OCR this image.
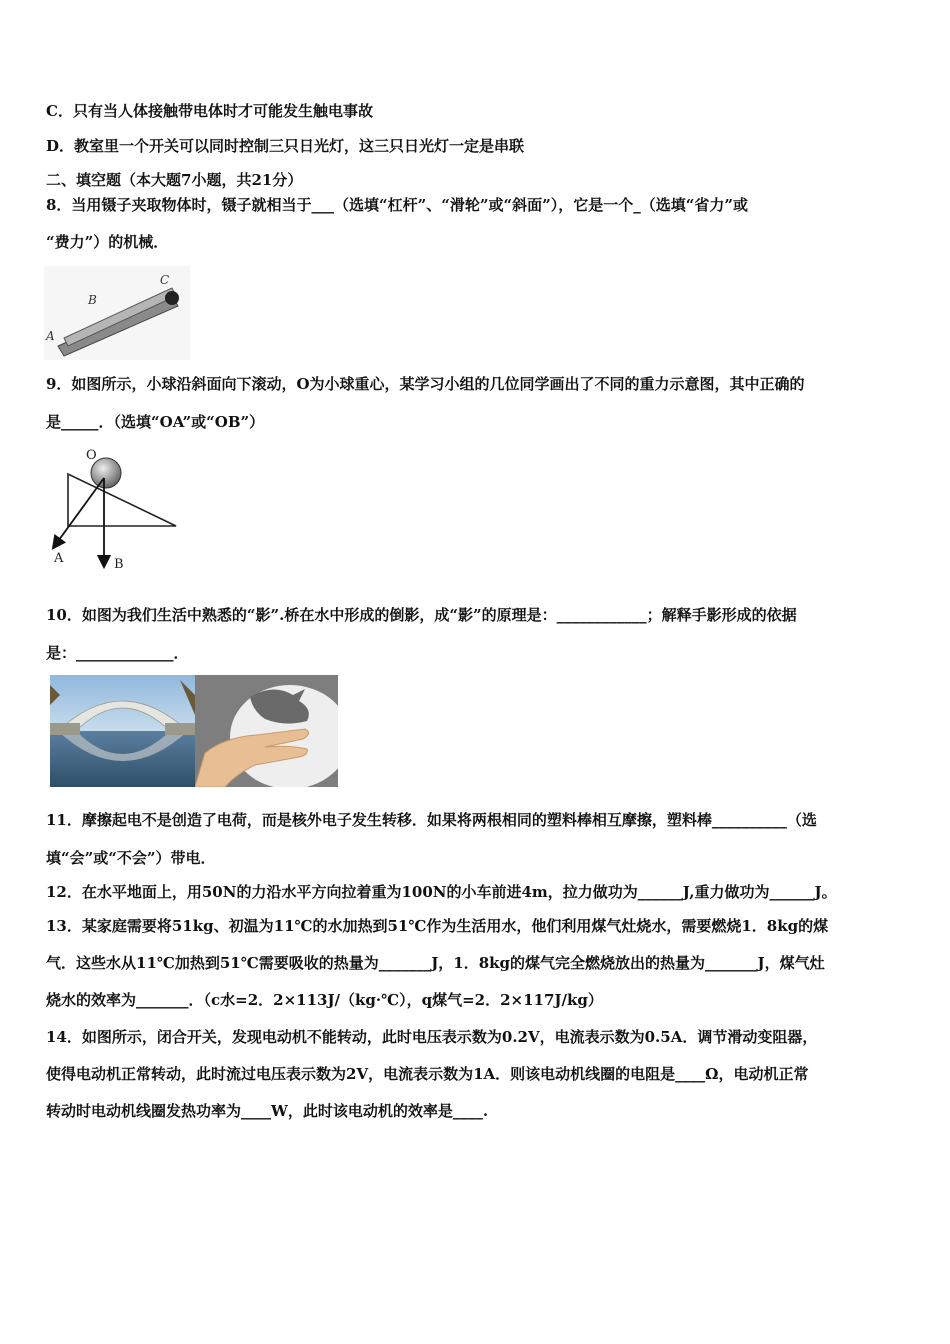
C．只有当人体接触带电体时才可能发生触电事故
D．教室里一个开关可以同时控制三只日光灯，这三只日光灯一定是串联
二、填空题（本大题7小题，共21分）
8．当用镊子夹取物体时，镊子就相当于___（选填“杠杆”、“滑轮”或“斜面”），它是一个_（选填“省力”或
“费力”）的机械．
A
B
C
9．如图所示，小球沿斜面向下滚动，O为小球重心，某学习小组的几位同学画出了不同的重力示意图，其中正确的
是_____．（选填“OA”或“OB”）
O
A	B
10．如图为我们生活中熟悉的“影”.桥在水中形成的倒影，成“影”的原理是：____________；解释手影形成的依据
是：_____________．
11．摩擦起电不是创造了电荷，而是核外电子发生转移．如果将两根相同的塑料棒相互摩擦，塑料棒__________（选
填“会”或“不会”）带电．
12．在水平地面上，用50N的力沿水平方向拉着重为100N的小车前进4m，拉力做功为______J,重力做功为______J。
13．某家庭需要将51kg、初温为11℃的水加热到51℃作为生活用水，他们利用煤气灶烧水，需要燃烧1．8kg的煤
气．这些水从11℃加热到51℃需要吸收的热量为_______J，1．8kg的煤气完全燃烧放出的热量为_______J，煤气灶
烧水的效率为_______．（c水=2．2×113J/（kg·℃），q煤气=2．2×117J/kg）
14．如图所示，闭合开关，发现电动机不能转动，此时电压表示数为0.2V，电流表示数为0.5A．调节滑动变阻器，
使得电动机正常转动，此时流过电压表示数为2V，电流表示数为1A．则该电动机线圈的电阻是____Ω，电动机正常
转动时电动机线圈发热功率为____W，此时该电动机的效率是____.
